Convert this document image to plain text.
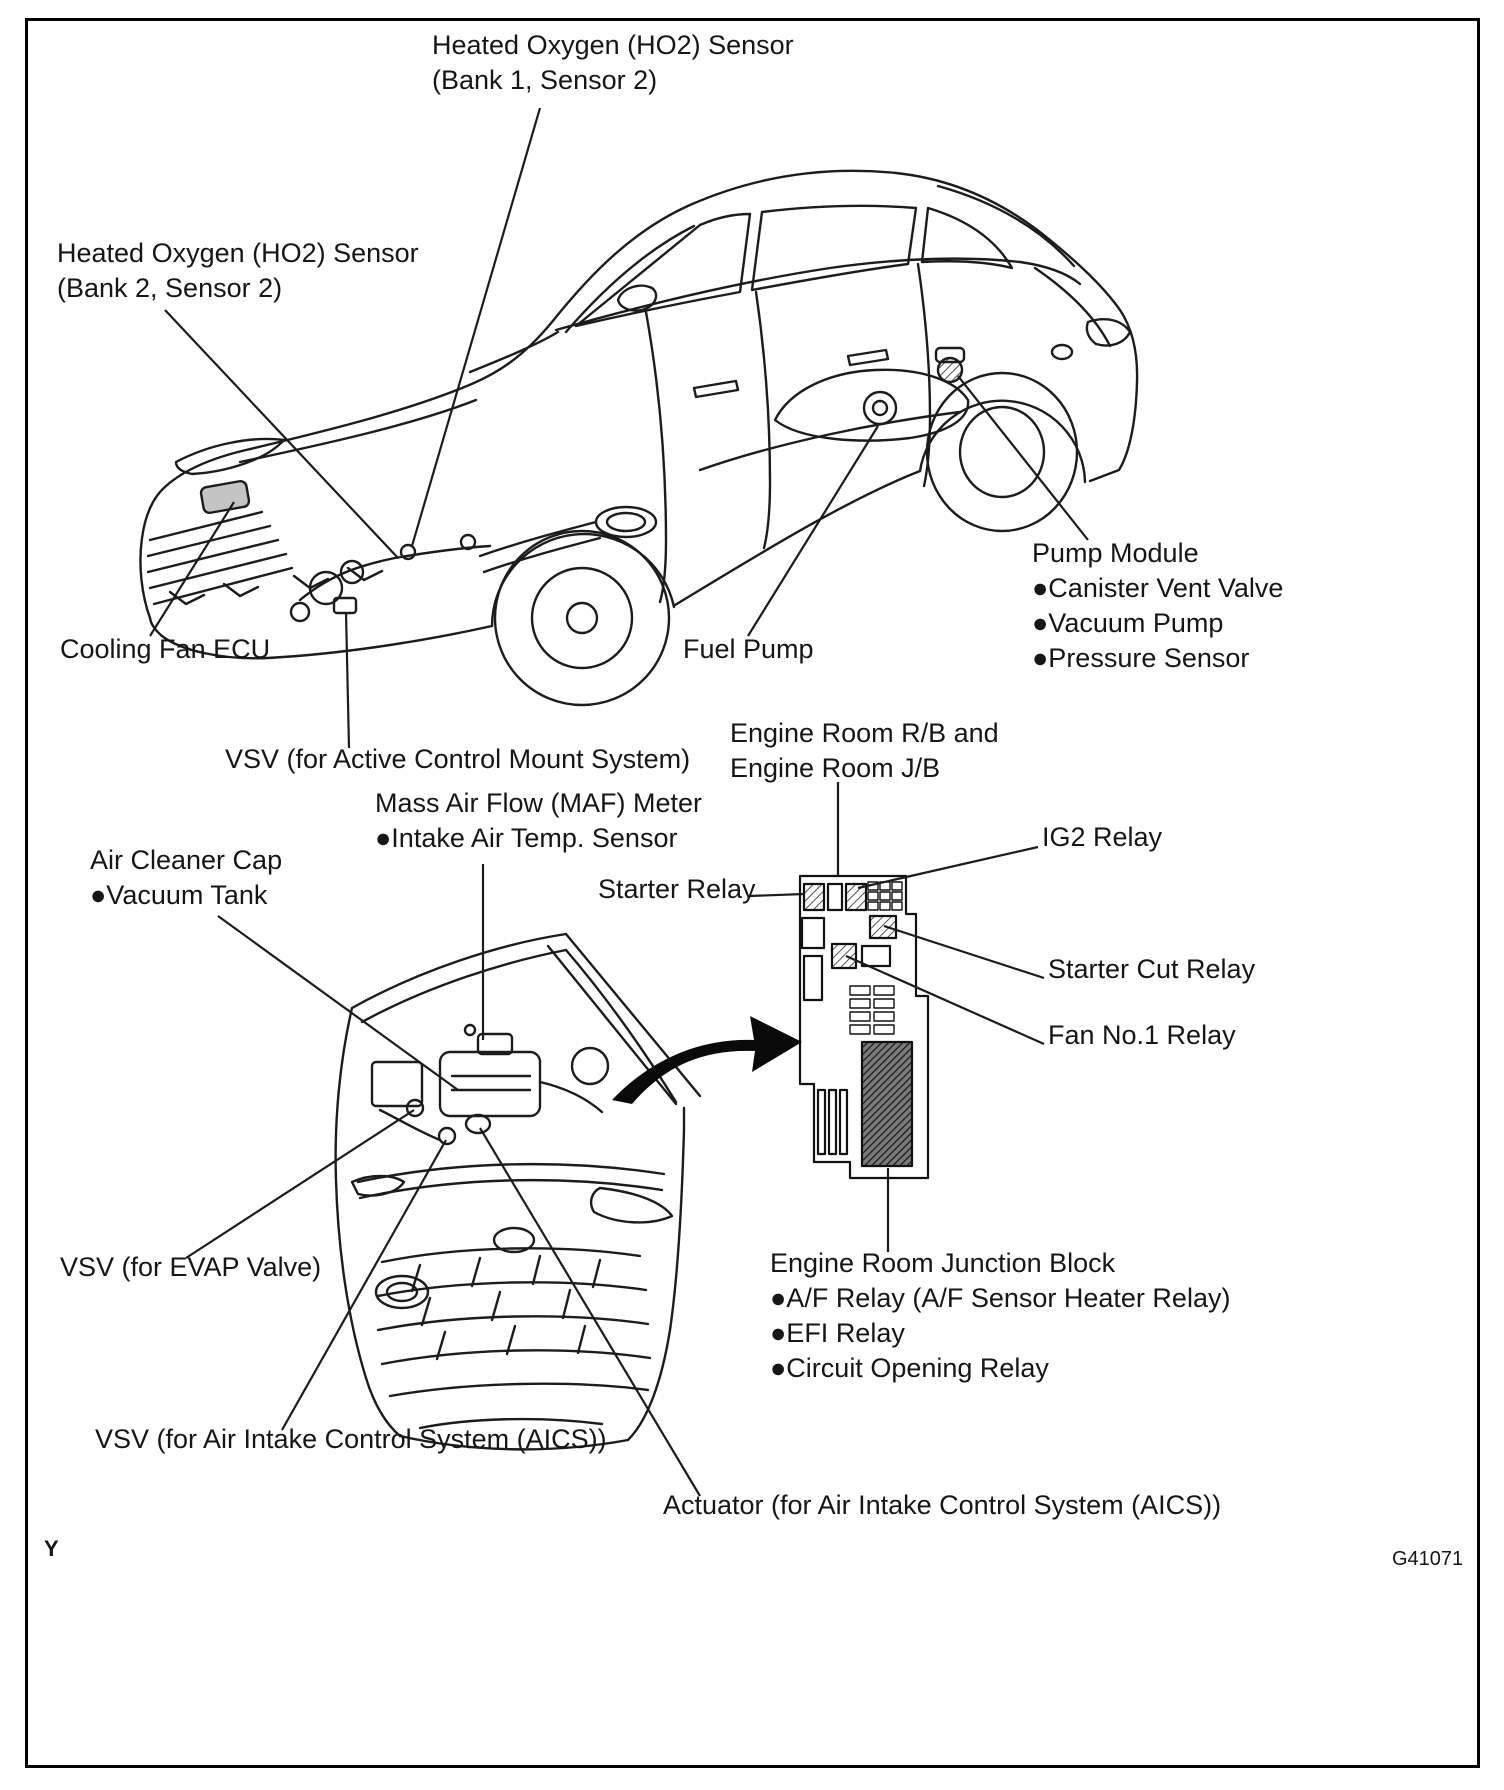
Heated Oxygen (HO2) Sensor
(Bank 1, Sensor 2)
Heated Oxygen (HO2) Sensor
(Bank 2, Sensor 2)
Cooling Fan ECU	Fuel Pump
Pump Module
●Canister Vent Valve
●Vacuum Pump
●Pressure Sensor
VSV (for Active Control Mount System)
Engine Room R/B and
Engine Room J/B
Mass Air Flow (MAF) Meter
●Intake Air Temp. Sensor
Air Cleaner Cap
●Vacuum Tank
IG2 Relay
Starter Relay
Starter Cut Relay
Fan No.1 Relay
VSV (for EVAP Valve)	Engine Room Junction Block
●A/F Relay (A/F Sensor Heater Relay)
●EFI Relay
●Circuit Opening Relay
VSV (for Air Intake Control System (AICS))
Actuator (for Air Intake Control System (AICS))
Y	G41071
